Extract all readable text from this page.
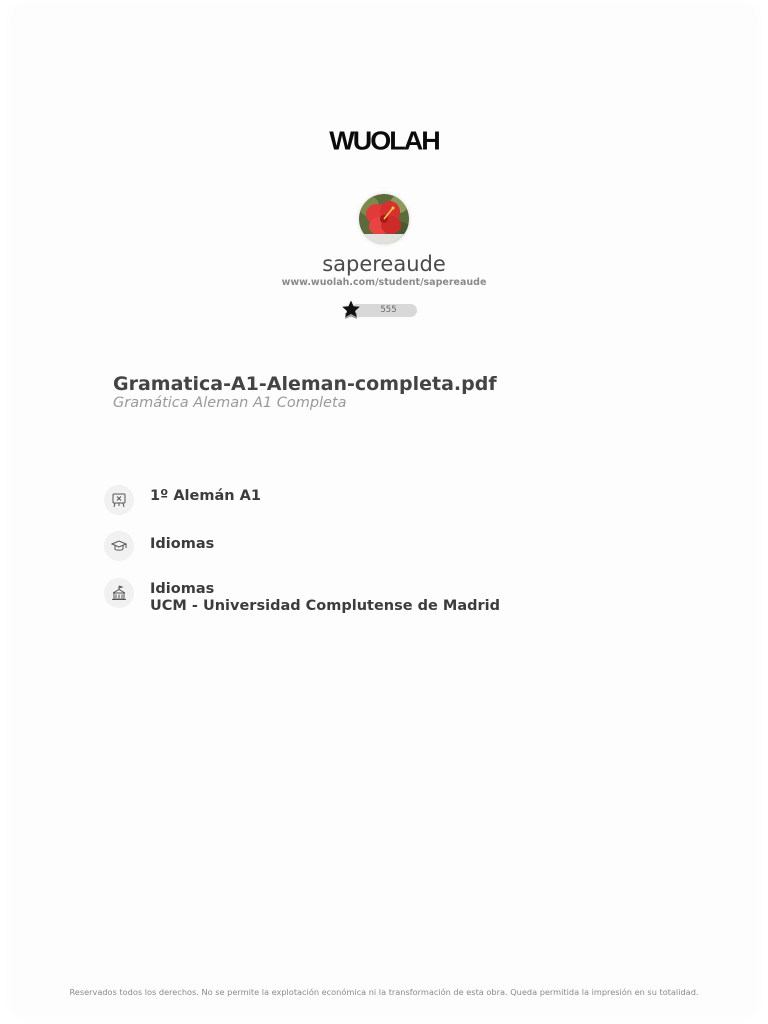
WUOLAH
sapereaude
www.wuolah.com/student/sapereaude
555
Gramatica-A1-Aleman-completa.pdf
Gramática Aleman A1 Completa
1º Alemán A1
Idiomas
Idiomas
UCM - Universidad Complutense de Madrid
Reservados todos los derechos. No se permite la explotación económica ni la transformación de esta obra. Queda permitida la impresión en su totalidad.
